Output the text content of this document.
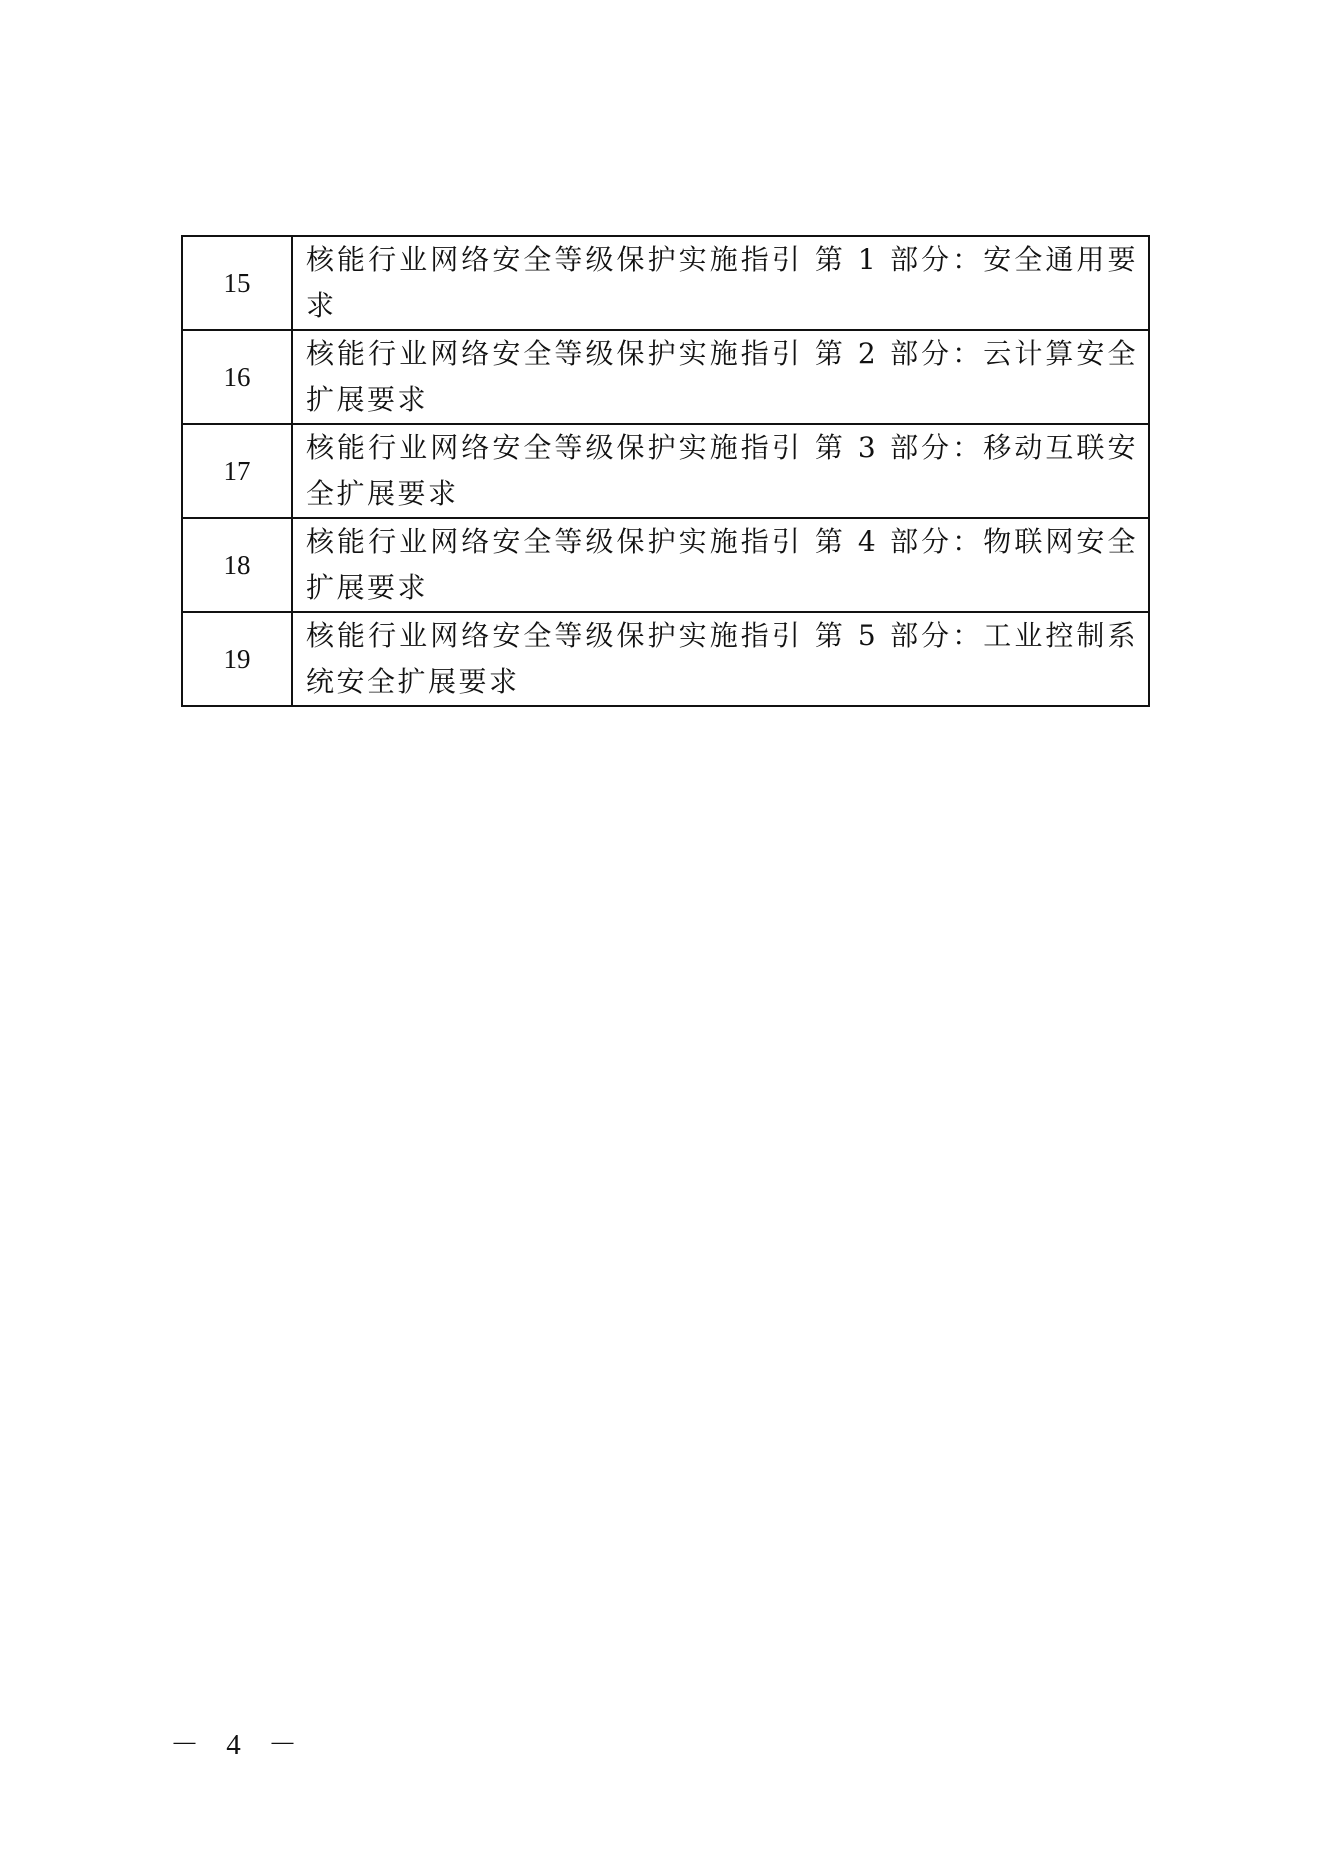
15	核能行业网络安全等级保护实施指引 第 1 部分：安全通用要求
16	核能行业网络安全等级保护实施指引 第 2 部分：云计算安全扩展要求
17	核能行业网络安全等级保护实施指引 第 3 部分：移动互联安全扩展要求
18	核能行业网络安全等级保护实施指引 第 4 部分：物联网安全扩展要求
19	核能行业网络安全等级保护实施指引 第 5 部分：工业控制系统安全扩展要求
－ 4 －
